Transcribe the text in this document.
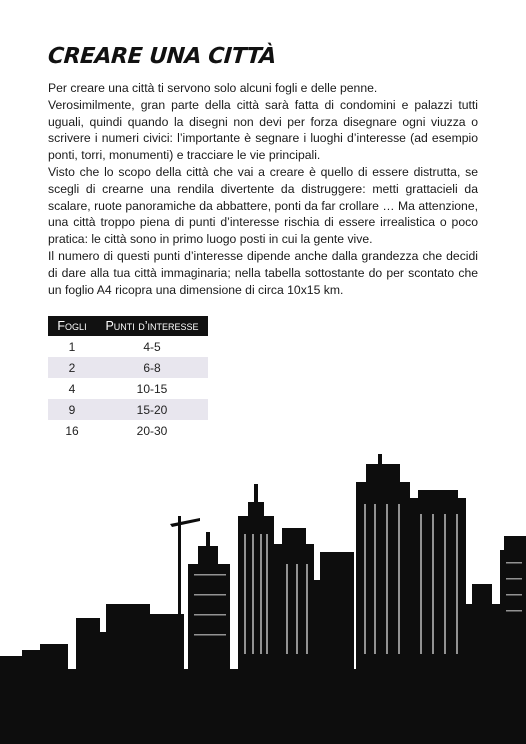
CREARE UNA CITTÀ

Per creare una città ti servono solo alcuni fogli e delle penne.

Verosimilmente, gran parte della città sarà fatta di condomini e palazzi tutti uguali, quindi quando la disegni non devi per forza disegnare ogni viuzza o scrivere i numeri civici: l’importante è segnare i luoghi d’interesse (ad esempio ponti, torri, monumenti) e tracciare le vie principali.

Visto che lo scopo della città che vai a creare è quello di essere distrutta, se scegli di crearne una rendila divertente da distruggere: metti grattacieli da scalare, ruote panoramiche da abbattere, ponti da far crollare … Ma attenzione, una città troppo piena di punti d’interesse rischia di essere irrealistica o poco pratica: le città sono in primo luogo posti in cui la gente vive.

Il numero di questi punti d’interesse dipende anche dalla grandezza che decidi di dare alla tua città immaginaria; nella tabella sottostante do per scontato che un foglio A4 ricopra una dimensione di circa 10x15 km.

Fogli	Punti d’interesse
1	4-5
2	6-8
4	10-15
9	15-20
16	20-30
